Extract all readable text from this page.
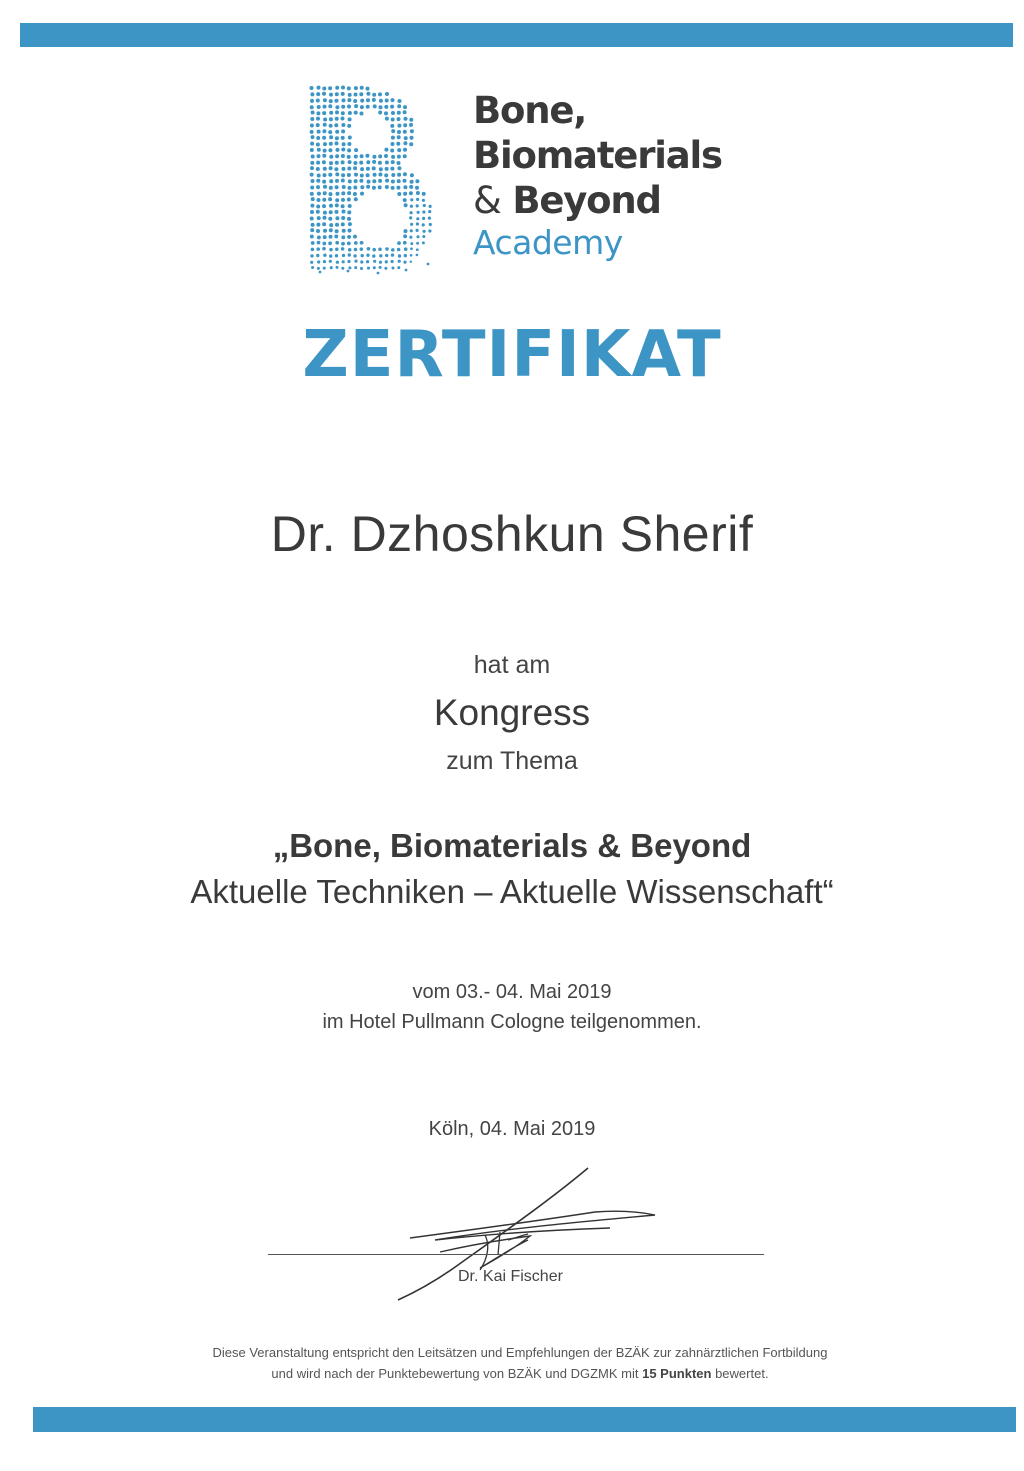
Bone,
Biomaterials
& Beyond
Academy
ZERTIFIKAT
Dr. Dzhoshkun Sherif
hat am
Kongress
zum Thema
„Bone, Biomaterials & Beyond
Aktuelle Techniken – Aktuelle Wissenschaft“
vom 03.- 04. Mai 2019
im Hotel Pullmann Cologne teilgenommen.
Köln, 04. Mai 2019
Dr. Kai Fischer
Diese Veranstaltung entspricht den Leitsätzen und Empfehlungen der BZÄK zur zahnärztlichen Fortbildung
und wird nach der Punktebewertung von BZÄK und DGZMK mit 15 Punkten bewertet.
